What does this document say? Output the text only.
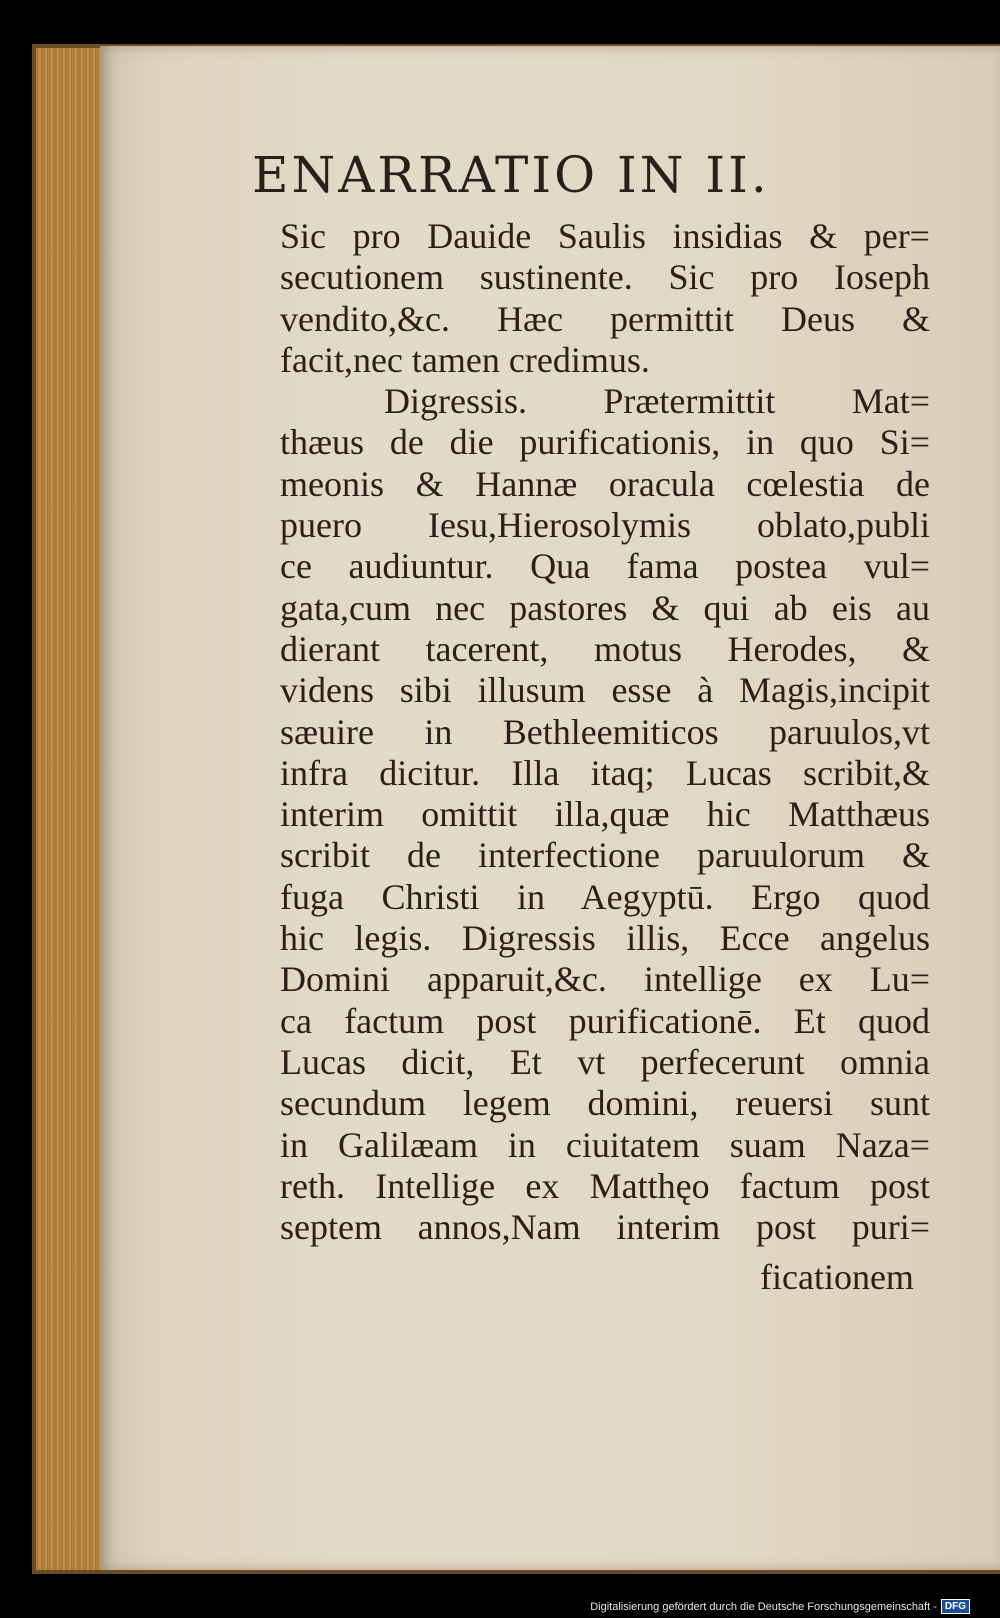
ENARRATIO IN II.
Sic pro Dauide Saulis insidias & per=
secutionem sustinente. Sic pro Ioseph
vendito,&c. Hæc permittit Deus &
facit,nec tamen credimus.
Digressis. Prætermittit Mat=
thæus de die purificationis, in quo Si=
meonis & Hannæ oracula cœlestia de
puero Iesu,Hierosolymis oblato,publi
ce audiuntur. Qua fama postea vul=
gata,cum nec pastores & qui ab eis au
dierant tacerent, motus Herodes, &
videns sibi illusum esse à Magis,incipit
sæuire in Bethleemiticos paruulos,vt
infra dicitur. Illa itaq; Lucas scribit,&
interim omittit illa,quæ hic Matthæus
scribit de interfectione paruulorum &
fuga Christi in Aegyptū. Ergo quod
hic legis. Digressis illis, Ecce angelus
Domini apparuit,&c. intellige ex Lu=
ca factum post purificationē. Et quod
Lucas dicit, Et vt perfecerunt omnia
secundum legem domini, reuersi sunt
in Galilæam in ciuitatem suam Naza=
reth. Intellige ex Matthęo factum post
septem annos,Nam interim post puri=
ficationem
Digitalisierung gefördert durch die Deutsche Forschungsgemeinschaft - DFG
